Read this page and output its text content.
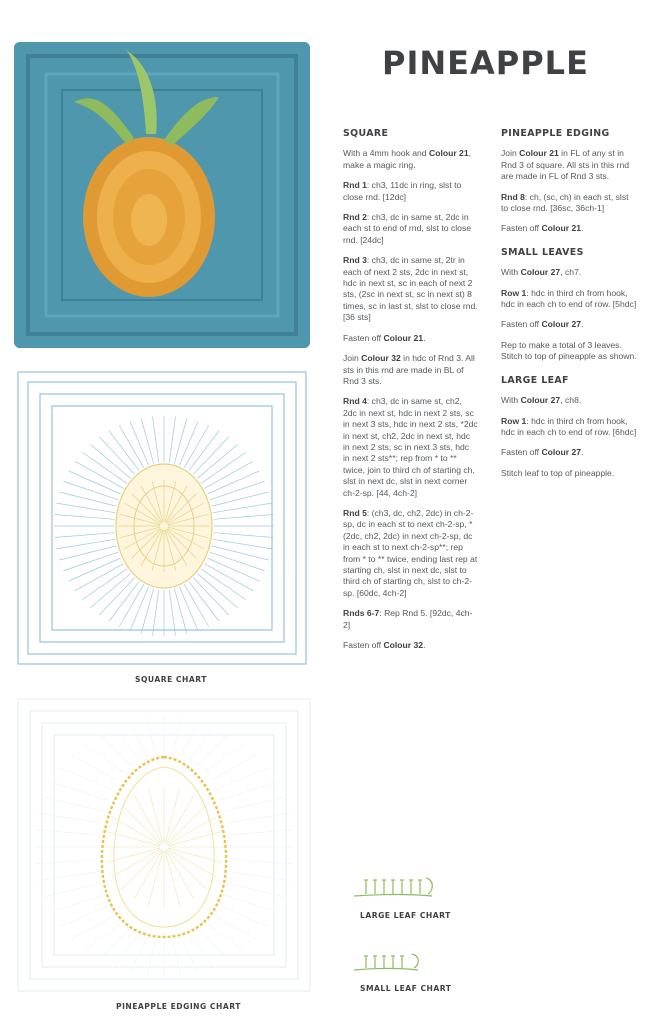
PINEAPPLE
SQUARE

With a 4mm hook and Colour 21, make a magic ring.

Rnd 1: ch3, 11dc in ring, slst to close rnd. [12dc]

Rnd 2: ch3, dc in same st, 2dc in each st to end of rnd, slst to close rnd. [24dc]

Rnd 3: ch3, dc in same st, 2tr in each of next 2 sts, 2dc in next st, hdc in next st, sc in each of next 2 sts, (2sc in next st, sc in next st) 8 times, sc in last st, slst to close rnd. [36 sts]

Fasten off Colour 21.

Join Colour 32 in hdc of Rnd 3. All sts in this rnd are made in BL of Rnd 3 sts.

Rnd 4: ch3, dc in same st, ch2, 2dc in next st, hdc in next 2 sts, sc in next 3 sts, hdc in next 2 sts, *2dc in next st, ch2, 2dc in next st, hdc in next 2 sts, sc in next 3 sts, hdc in next 2 sts**; rep from * to ** twice, join to third ch of starting ch, slst in next dc, slst in next corner ch-2-sp. [44, 4ch-2]

Rnd 5: (ch3, dc, ch2, 2dc) in ch-2-sp, dc in each st to next ch-2-sp, *(2dc, ch2, 2dc) in next ch-2-sp, dc in each st to next ch-2-sp**; rep from * to ** twice, ending last rep at starting ch, slst in next dc, slst to third ch of starting ch, slst to ch-2-sp. [60dc, 4ch-2]

Rnds 6-7: Rep Rnd 5. [92dc, 4ch-2]

Fasten off Colour 32.

PINEAPPLE EDGING

Join Colour 21 in FL of any st in Rnd 3 of square. All sts in this rnd are made in FL of Rnd 3 sts.

Rnd 8: ch, (sc, ch) in each st, slst to close rnd. [36sc, 36ch-1]

Fasten off Colour 21.

SMALL LEAVES

With Colour 27, ch7.

Row 1: hdc in third ch from hook, hdc in each ch to end of row. [5hdc]

Fasten off Colour 27.

Rep to make a total of 3 leaves. Stitch to top of pineapple as shown.

LARGE LEAF

With Colour 27, ch8.

Row 1: hdc in third ch from hook, hdc in each ch to end of row. [6hdc]

Fasten off Colour 27.

Stitch leaf to top of pineapple.

SQUARE CHART
PINEAPPLE EDGING CHART
LARGE LEAF CHART
SMALL LEAF CHART
